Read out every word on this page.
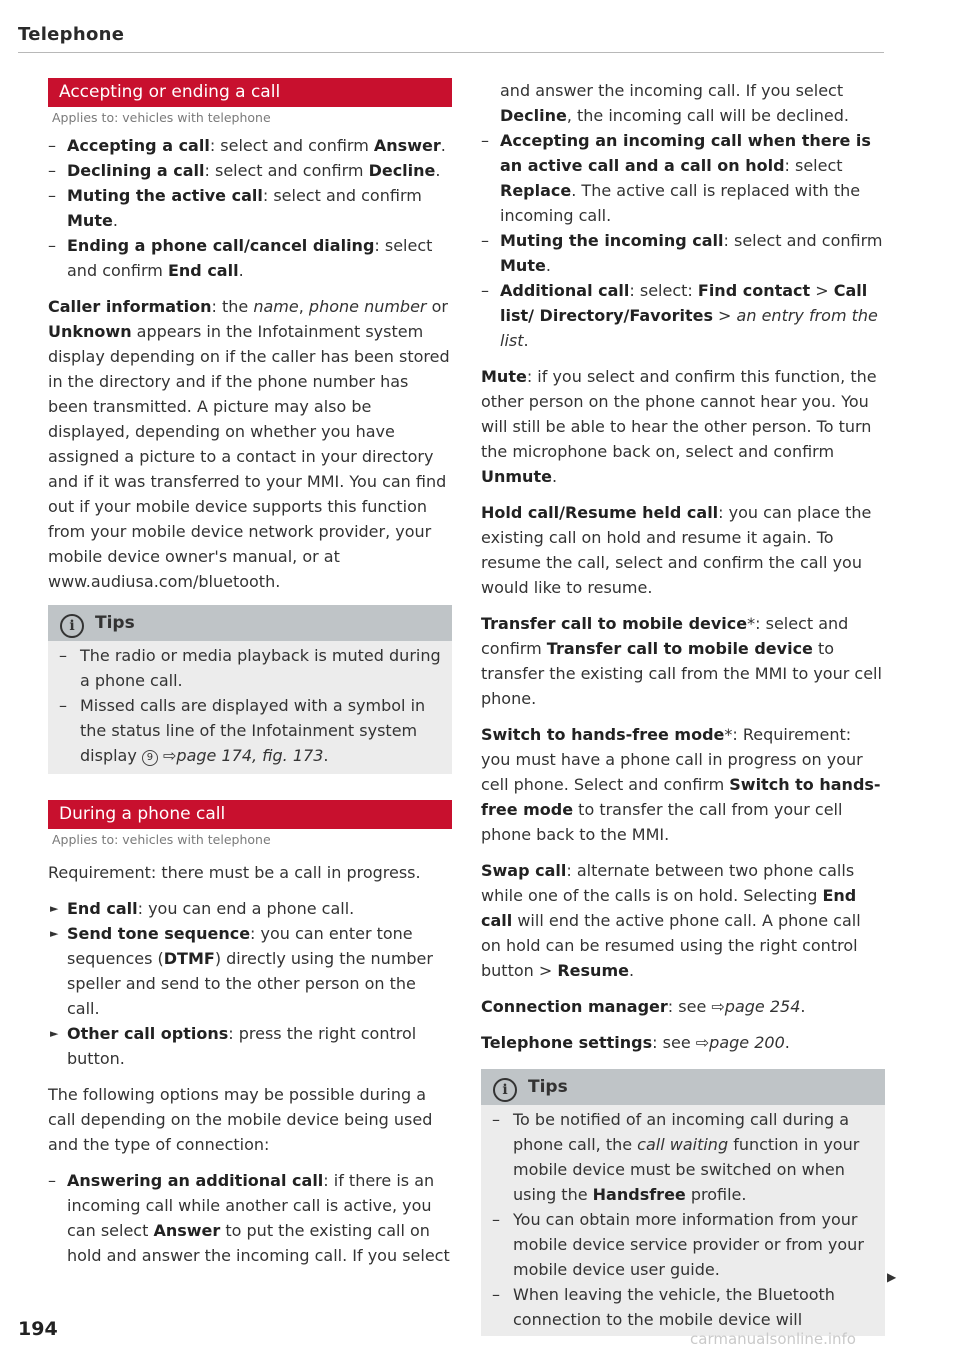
Telephone
Accepting or ending a call
Applies to: vehicles with telephone
– Accepting a call: select and confirm Answer.
– Declining a call: select and confirm Decline.
– Muting the active call: select and confirm Mute.
– Ending a phone call/cancel dialing: select and confirm End call.

Caller information: the name, phone number or Unknown appears in the Infotainment system display depending on if the caller has been stored in the directory and if the phone number has been transmitted. A picture may also be displayed, depending on whether you have assigned a picture to a contact in your directory and if it was transferred to your MMI. You can find out if your mobile device supports this function from your mobile device network provider, your mobile device owner's manual, or at www.audiusa.com/bluetooth.

i Tips
– The radio or media playback is muted during a phone call.
– Missed calls are displayed with a symbol in the status line of the Infotainment system display 9 ⇨page 174, fig. 173.
During a phone call
Applies to: vehicles with telephone

Requirement: there must be a call in progress.

► End call: you can end a phone call.
► Send tone sequence: you can enter tone sequences (DTMF) directly using the number speller and send to the other person on the call.
► Other call options: press the right control button.

The following options may be possible during a call depending on the mobile device being used and the type of connection:

– Answering an additional call: if there is an incoming call while another call is active, you can select Answer to put the existing call on hold and answer the incoming call. If you select
and answer the incoming call. If you select Decline, the incoming call will be declined.
– Accepting an incoming call when there is an active call and a call on hold: select Replace. The active call is replaced with the incoming call.
– Muting the incoming call: select and confirm Mute.
– Additional call: select: Find contact > Call list/ Directory/Favorites > an entry from the list.

Mute: if you select and confirm this function, the other person on the phone cannot hear you. You will still be able to hear the other person. To turn the microphone back on, select and confirm Unmute.

Hold call/Resume held call: you can place the existing call on hold and resume it again. To resume the call, select and confirm the call you would like to resume.

Transfer call to mobile device*: select and confirm Transfer call to mobile device to transfer the existing call from the MMI to your cell phone.

Switch to hands-free mode*: Requirement: you must have a phone call in progress on your cell phone. Select and confirm Switch to hands-free mode to transfer the call from your cell phone back to the MMI.

Swap call: alternate between two phone calls while one of the calls is on hold. Selecting End call will end the active phone call. A phone call on hold can be resumed using the right control button > Resume.

Connection manager: see ⇨page 254.

Telephone settings: see ⇨page 200.

i Tips
– To be notified of an incoming call during a phone call, the call waiting function in your mobile device must be switched on when using the Handsfree profile.
– You can obtain more information from your mobile device service provider or from your mobile device user guide.
– When leaving the vehicle, the Bluetooth connection to the mobile device will
▶
194	carmanualsonline.info
